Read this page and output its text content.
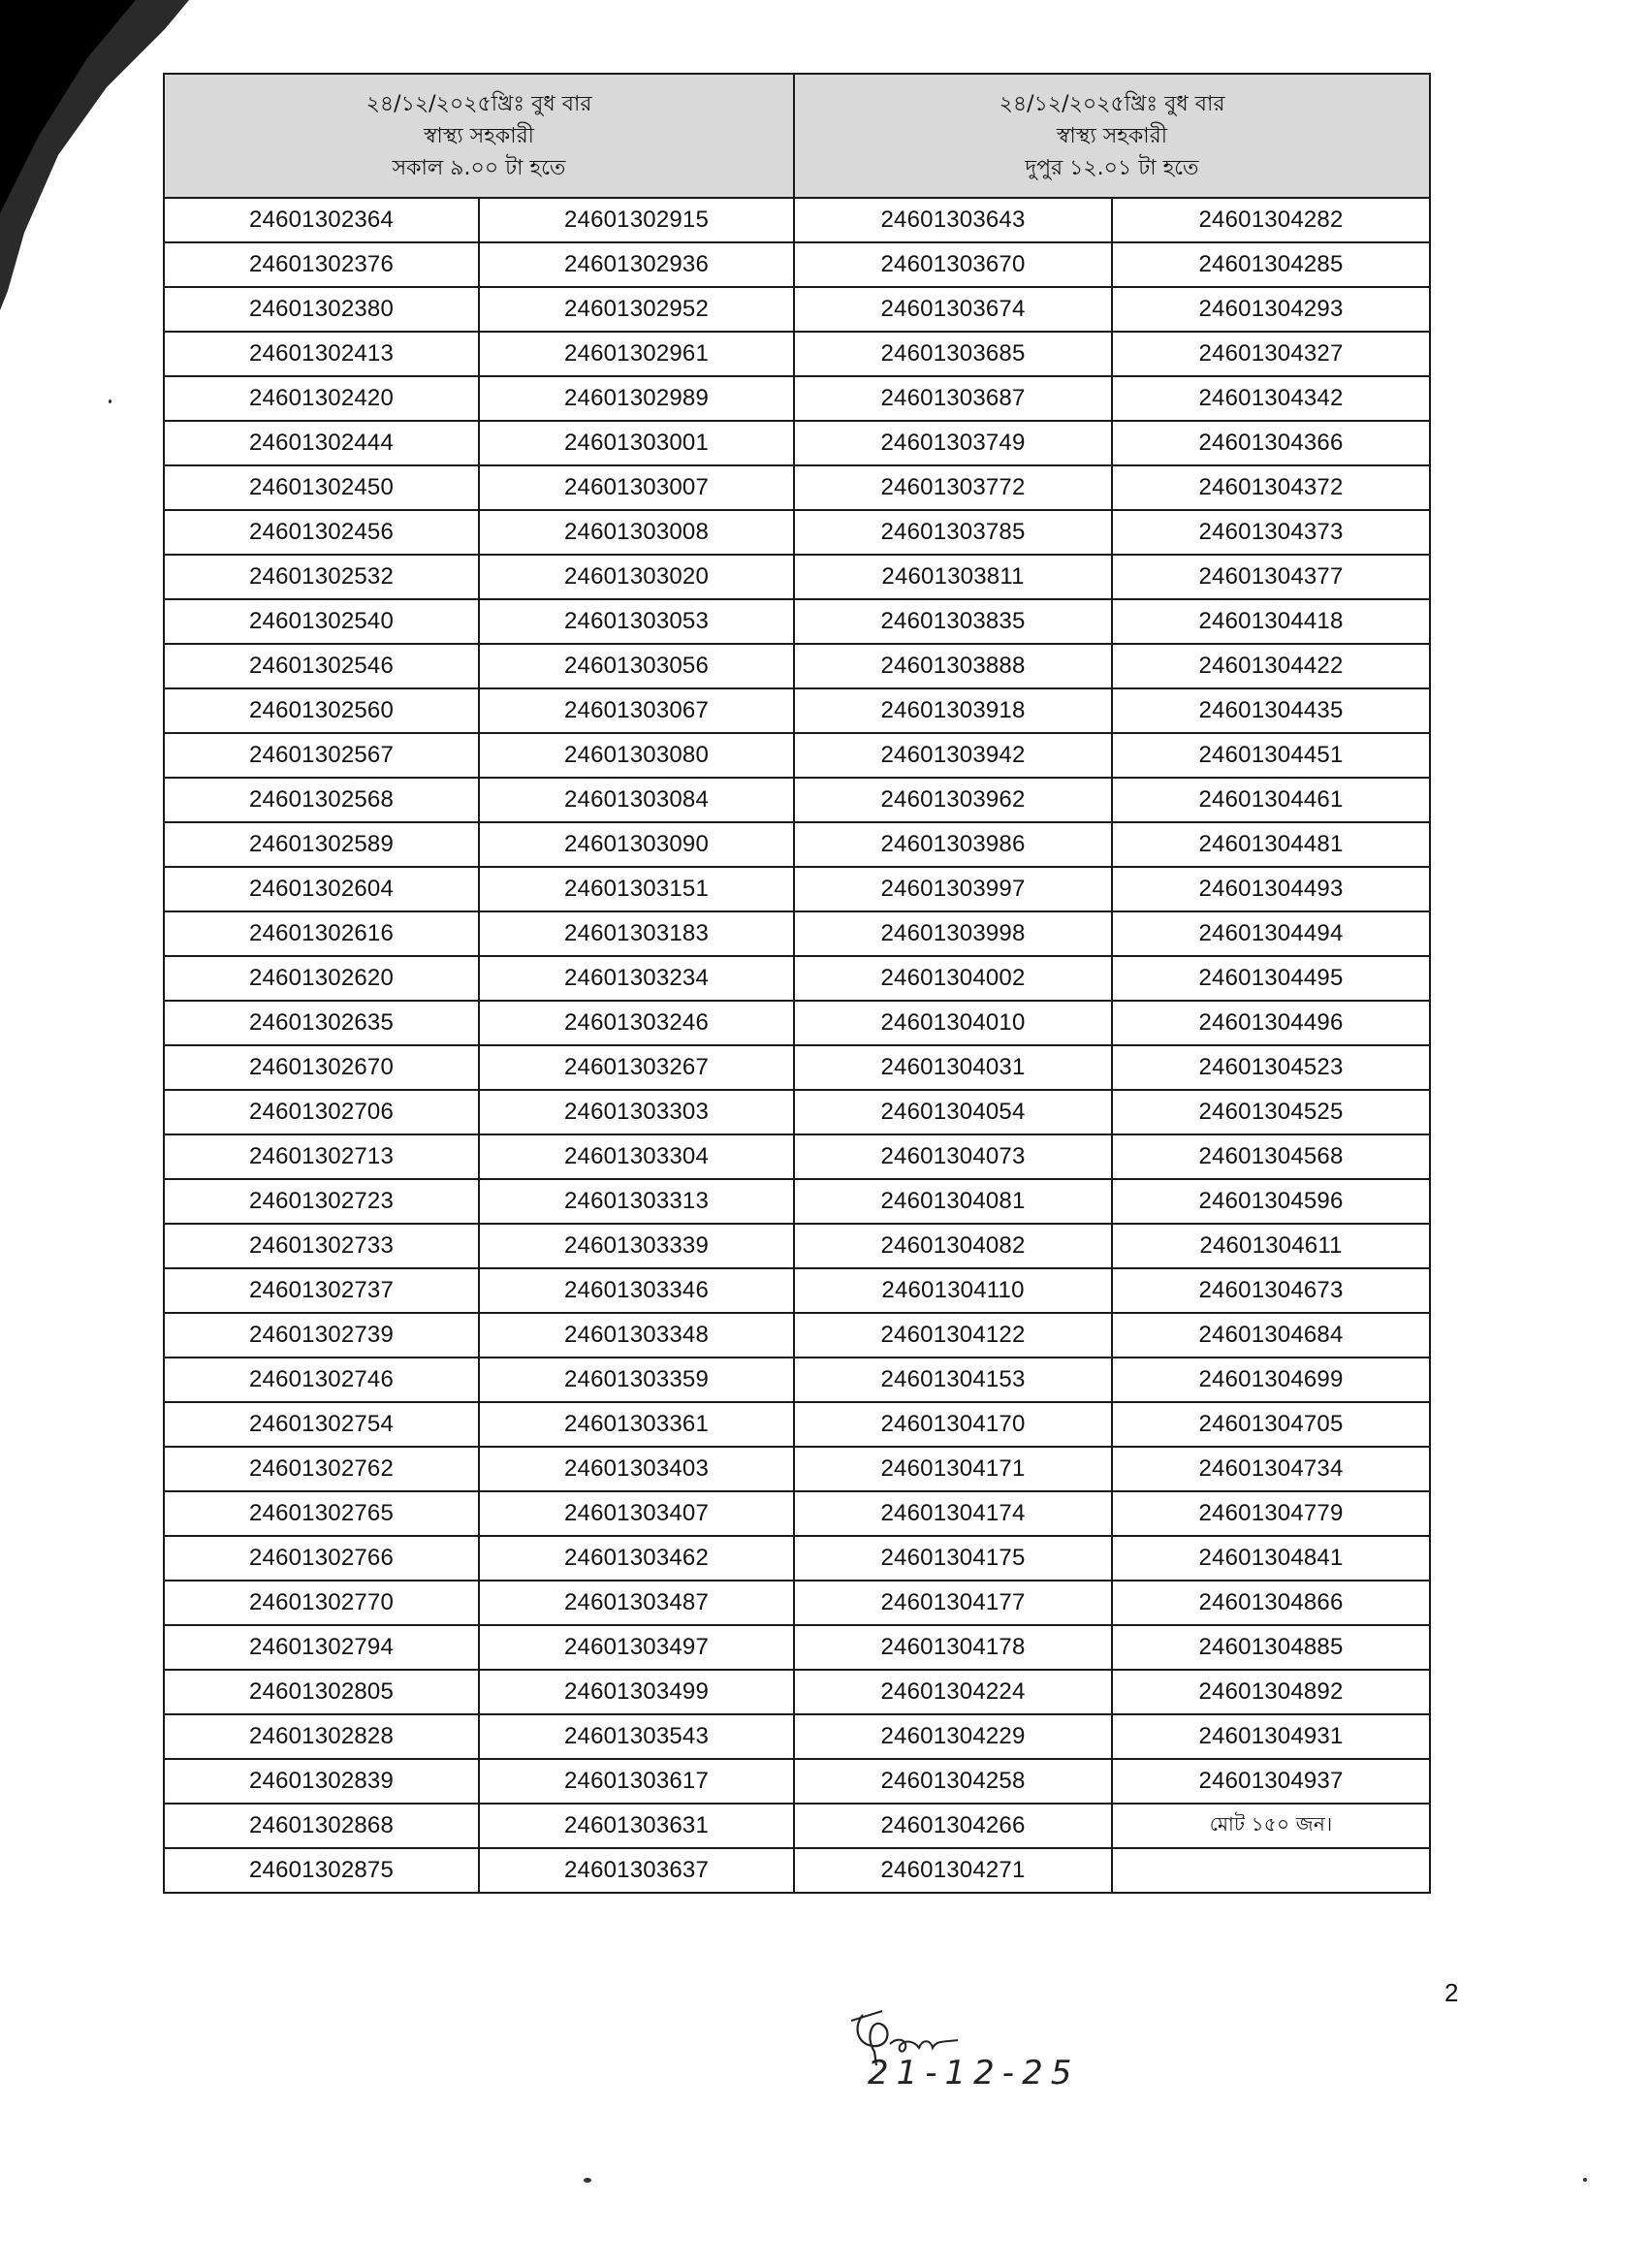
২৪/১২/২০২৫খ্রিঃ বুধ বার
স্বাস্থ্য সহকারী
সকাল ৯.০০ টা হতে		২৪/১২/২০২৫খ্রিঃ বুধ বার
স্বাস্থ্য সহকারী
দুপুর ১২.০১ টা হতে	

24601302364	24601302915	24601303643	24601304282
24601302376	24601302936	24601303670	24601304285
24601302380	24601302952	24601303674	24601304293
24601302413	24601302961	24601303685	24601304327
24601302420	24601302989	24601303687	24601304342
24601302444	24601303001	24601303749	24601304366
24601302450	24601303007	24601303772	24601304372
24601302456	24601303008	24601303785	24601304373
24601302532	24601303020	24601303811	24601304377
24601302540	24601303053	24601303835	24601304418
24601302546	24601303056	24601303888	24601304422
24601302560	24601303067	24601303918	24601304435
24601302567	24601303080	24601303942	24601304451
24601302568	24601303084	24601303962	24601304461
24601302589	24601303090	24601303986	24601304481
24601302604	24601303151	24601303997	24601304493
24601302616	24601303183	24601303998	24601304494
24601302620	24601303234	24601304002	24601304495
24601302635	24601303246	24601304010	24601304496
24601302670	24601303267	24601304031	24601304523
24601302706	24601303303	24601304054	24601304525
24601302713	24601303304	24601304073	24601304568
24601302723	24601303313	24601304081	24601304596
24601302733	24601303339	24601304082	24601304611
24601302737	24601303346	24601304110	24601304673
24601302739	24601303348	24601304122	24601304684
24601302746	24601303359	24601304153	24601304699
24601302754	24601303361	24601304170	24601304705
24601302762	24601303403	24601304171	24601304734
24601302765	24601303407	24601304174	24601304779
24601302766	24601303462	24601304175	24601304841
24601302770	24601303487	24601304177	24601304866
24601302794	24601303497	24601304178	24601304885
24601302805	24601303499	24601304224	24601304892
24601302828	24601303543	24601304229	24601304931
24601302839	24601303617	24601304258	24601304937
24601302868	24601303631	24601304266	মোট ১৫০ জন।
24601302875	24601303637	24601304271	
2
21-12-25
